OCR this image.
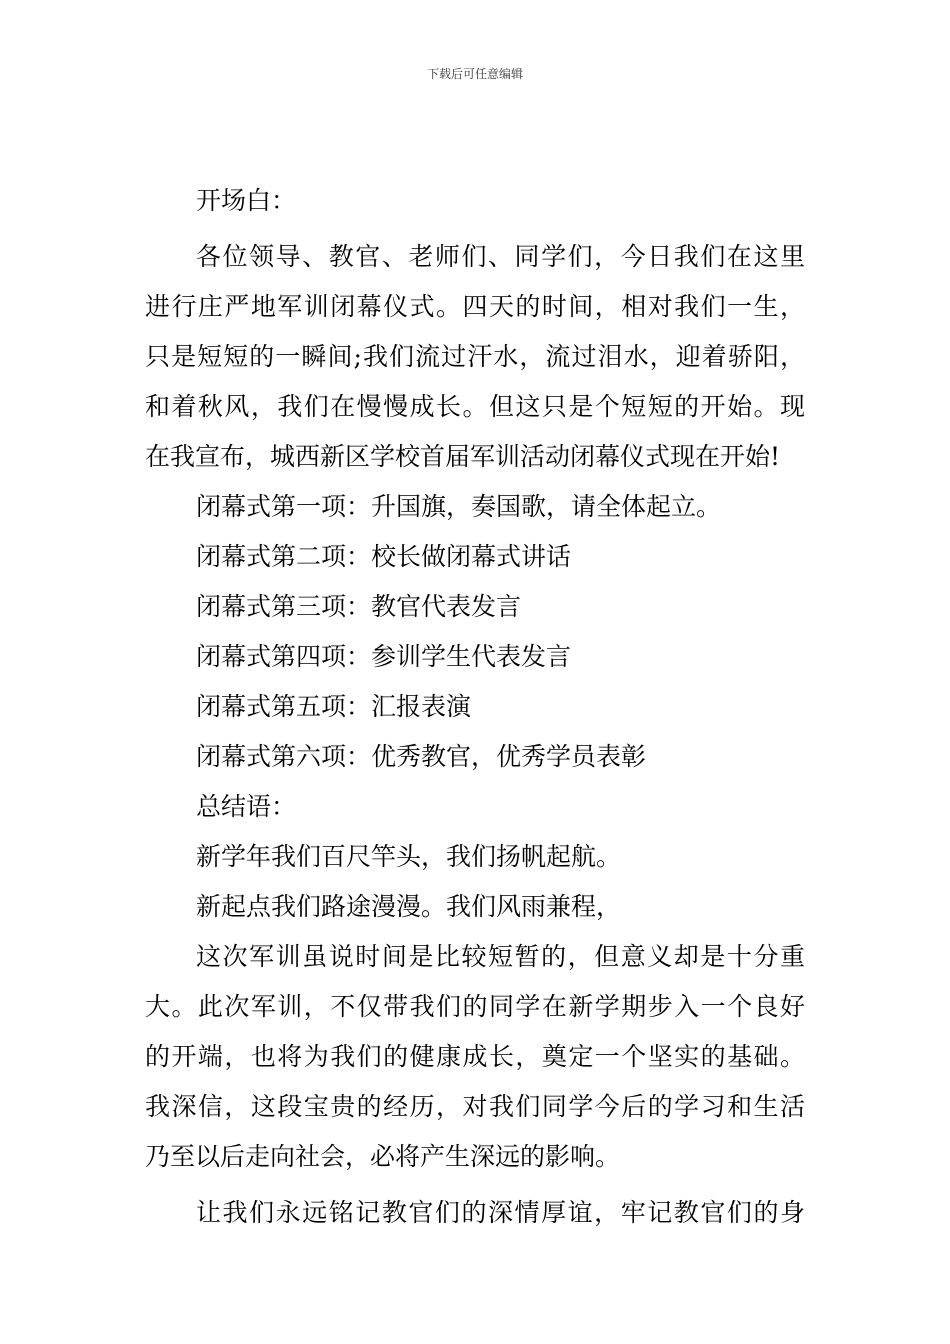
下载后可任意编辑
开场白：
各位领导、教官、老师们、同学们，今日我们在这里
进行庄严地军训闭幕仪式。四天的时间，相对我们一生，
只是短短的一瞬间;我们流过汗水，流过泪水，迎着骄阳，
和着秋风，我们在慢慢成长。但这只是个短短的开始。现
在我宣布，城西新区学校首届军训活动闭幕仪式现在开始!
闭幕式第一项：升国旗，奏国歌，请全体起立。
闭幕式第二项：校长做闭幕式讲话
闭幕式第三项：教官代表发言
闭幕式第四项：参训学生代表发言
闭幕式第五项：汇报表演
闭幕式第六项：优秀教官，优秀学员表彰
总结语：
新学年我们百尺竿头，我们扬帆起航。
新起点我们路途漫漫。我们风雨兼程，
这次军训虽说时间是比较短暂的，但意义却是十分重
大。此次军训，不仅带我们的同学在新学期步入一个良好
的开端，也将为我们的健康成长，奠定一个坚实的基础。
我深信，这段宝贵的经历，对我们同学今后的学习和生活
乃至以后走向社会，必将产生深远的影响。
让我们永远铭记教官们的深情厚谊，牢记教官们的身
